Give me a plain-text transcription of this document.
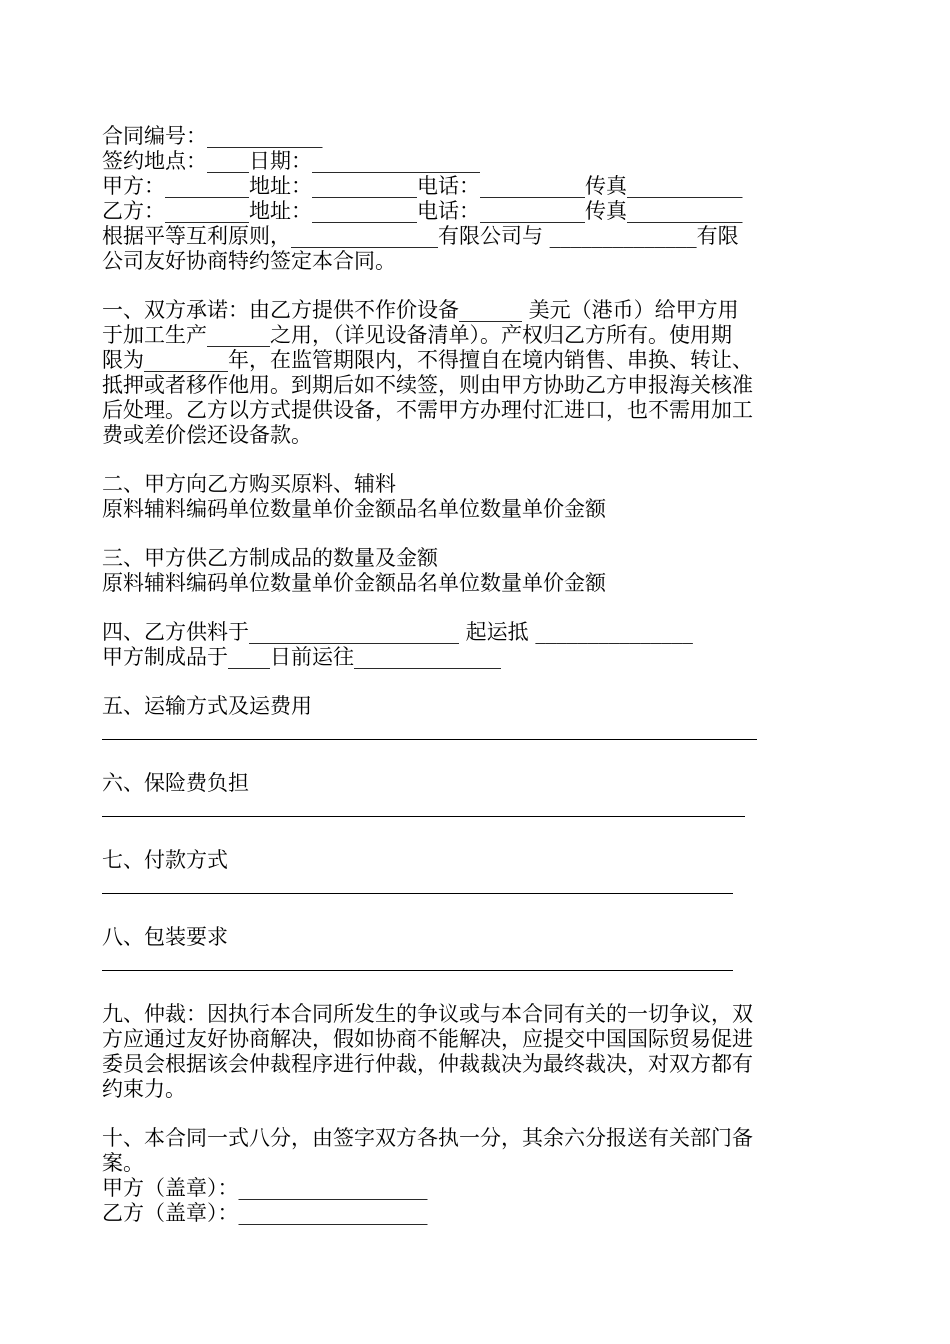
合同编号：___________
签约地点：____日期：________________
甲方：________地址：__________电话：__________传真___________
乙方：________地址：__________电话：__________传真___________
根据平等互利原则，______________有限公司与 ______________有限
公司友好协商特约签定本合同。
一、双方承诺：由乙方提供不作价设备______ 美元（港币）给甲方用
于加工生产______之用，（详见设备清单）。产权归乙方所有。使用期
限为________年，在监管期限内，不得擅自在境内销售、串换、转让、
抵押或者移作他用。到期后如不续签，则由甲方协助乙方申报海关核准
后处理。乙方以方式提供设备，不需甲方办理付汇进口，也不需用加工
费或差价偿还设备款。
二、甲方向乙方购买原料、辅料
原料辅料编码单位数量单价金额品名单位数量单价金额
三、甲方供乙方制成品的数量及金额
原料辅料编码单位数量单价金额品名单位数量单价金额
四、乙方供料于____________________ 起运抵 _______________
甲方制成品于____日前运往______________
五、运输方式及运费用
六、保险费负担
七、付款方式
八、包装要求
九、仲裁：因执行本合同所发生的争议或与本合同有关的一切争议，双
方应通过友好协商解决，假如协商不能解决，应提交中国国际贸易促进
委员会根据该会仲裁程序进行仲裁，仲裁裁决为最终裁决，对双方都有
约束力。
十、本合同一式八分，由签字双方各执一分，其余六分报送有关部门备
案。
甲方（盖章）：__________________
乙方（盖章）：__________________
